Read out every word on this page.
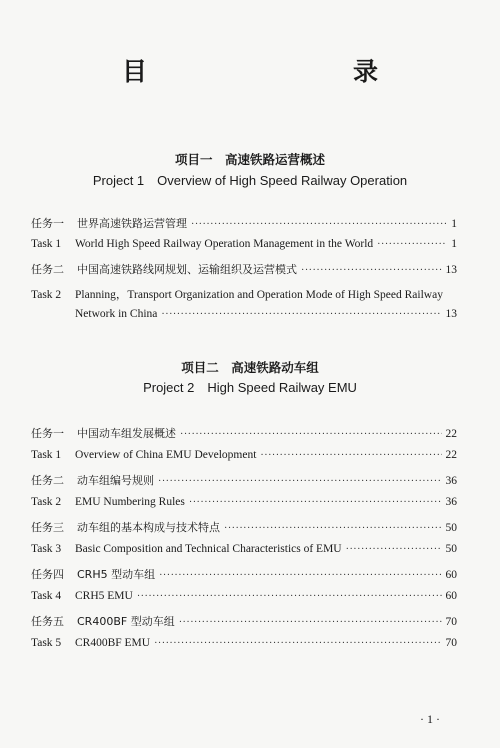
目　　录
项目一　高速铁路运营概述
Project 1　Overview of High Speed Railway Operation
任务一	世界高速铁路运营管理 ·····	1
Task 1	World High Speed Railway Operation Management in the World ·····	1
任务二	中国高速铁路线网规划、运输组织及运营模式 ·····	13
Task 2 Planning，Transport Organization and Operation Mode of High Speed Railway
Network in China ·····	13
项目二　高速铁路动车组
Project 2　High Speed Railway EMU
任务一	中国动车组发展概述 ·····	22
Task 1	Overview of China EMU Development ·····	22
任务二	动车组编号规则 ·····	36
Task 2	EMU Numbering Rules ·····	36
任务三	动车组的基本构成与技术特点 ·····	50
Task 3	Basic Composition and Technical Characteristics of EMU ·····	50
任务四	CRH5 型动车组 ·····	60
Task 4	CRH5 EMU ·····	60
任务五	CR400BF 型动车组 ·····	70
Task 5	CR400BF EMU ·····	70
· 1 ·
